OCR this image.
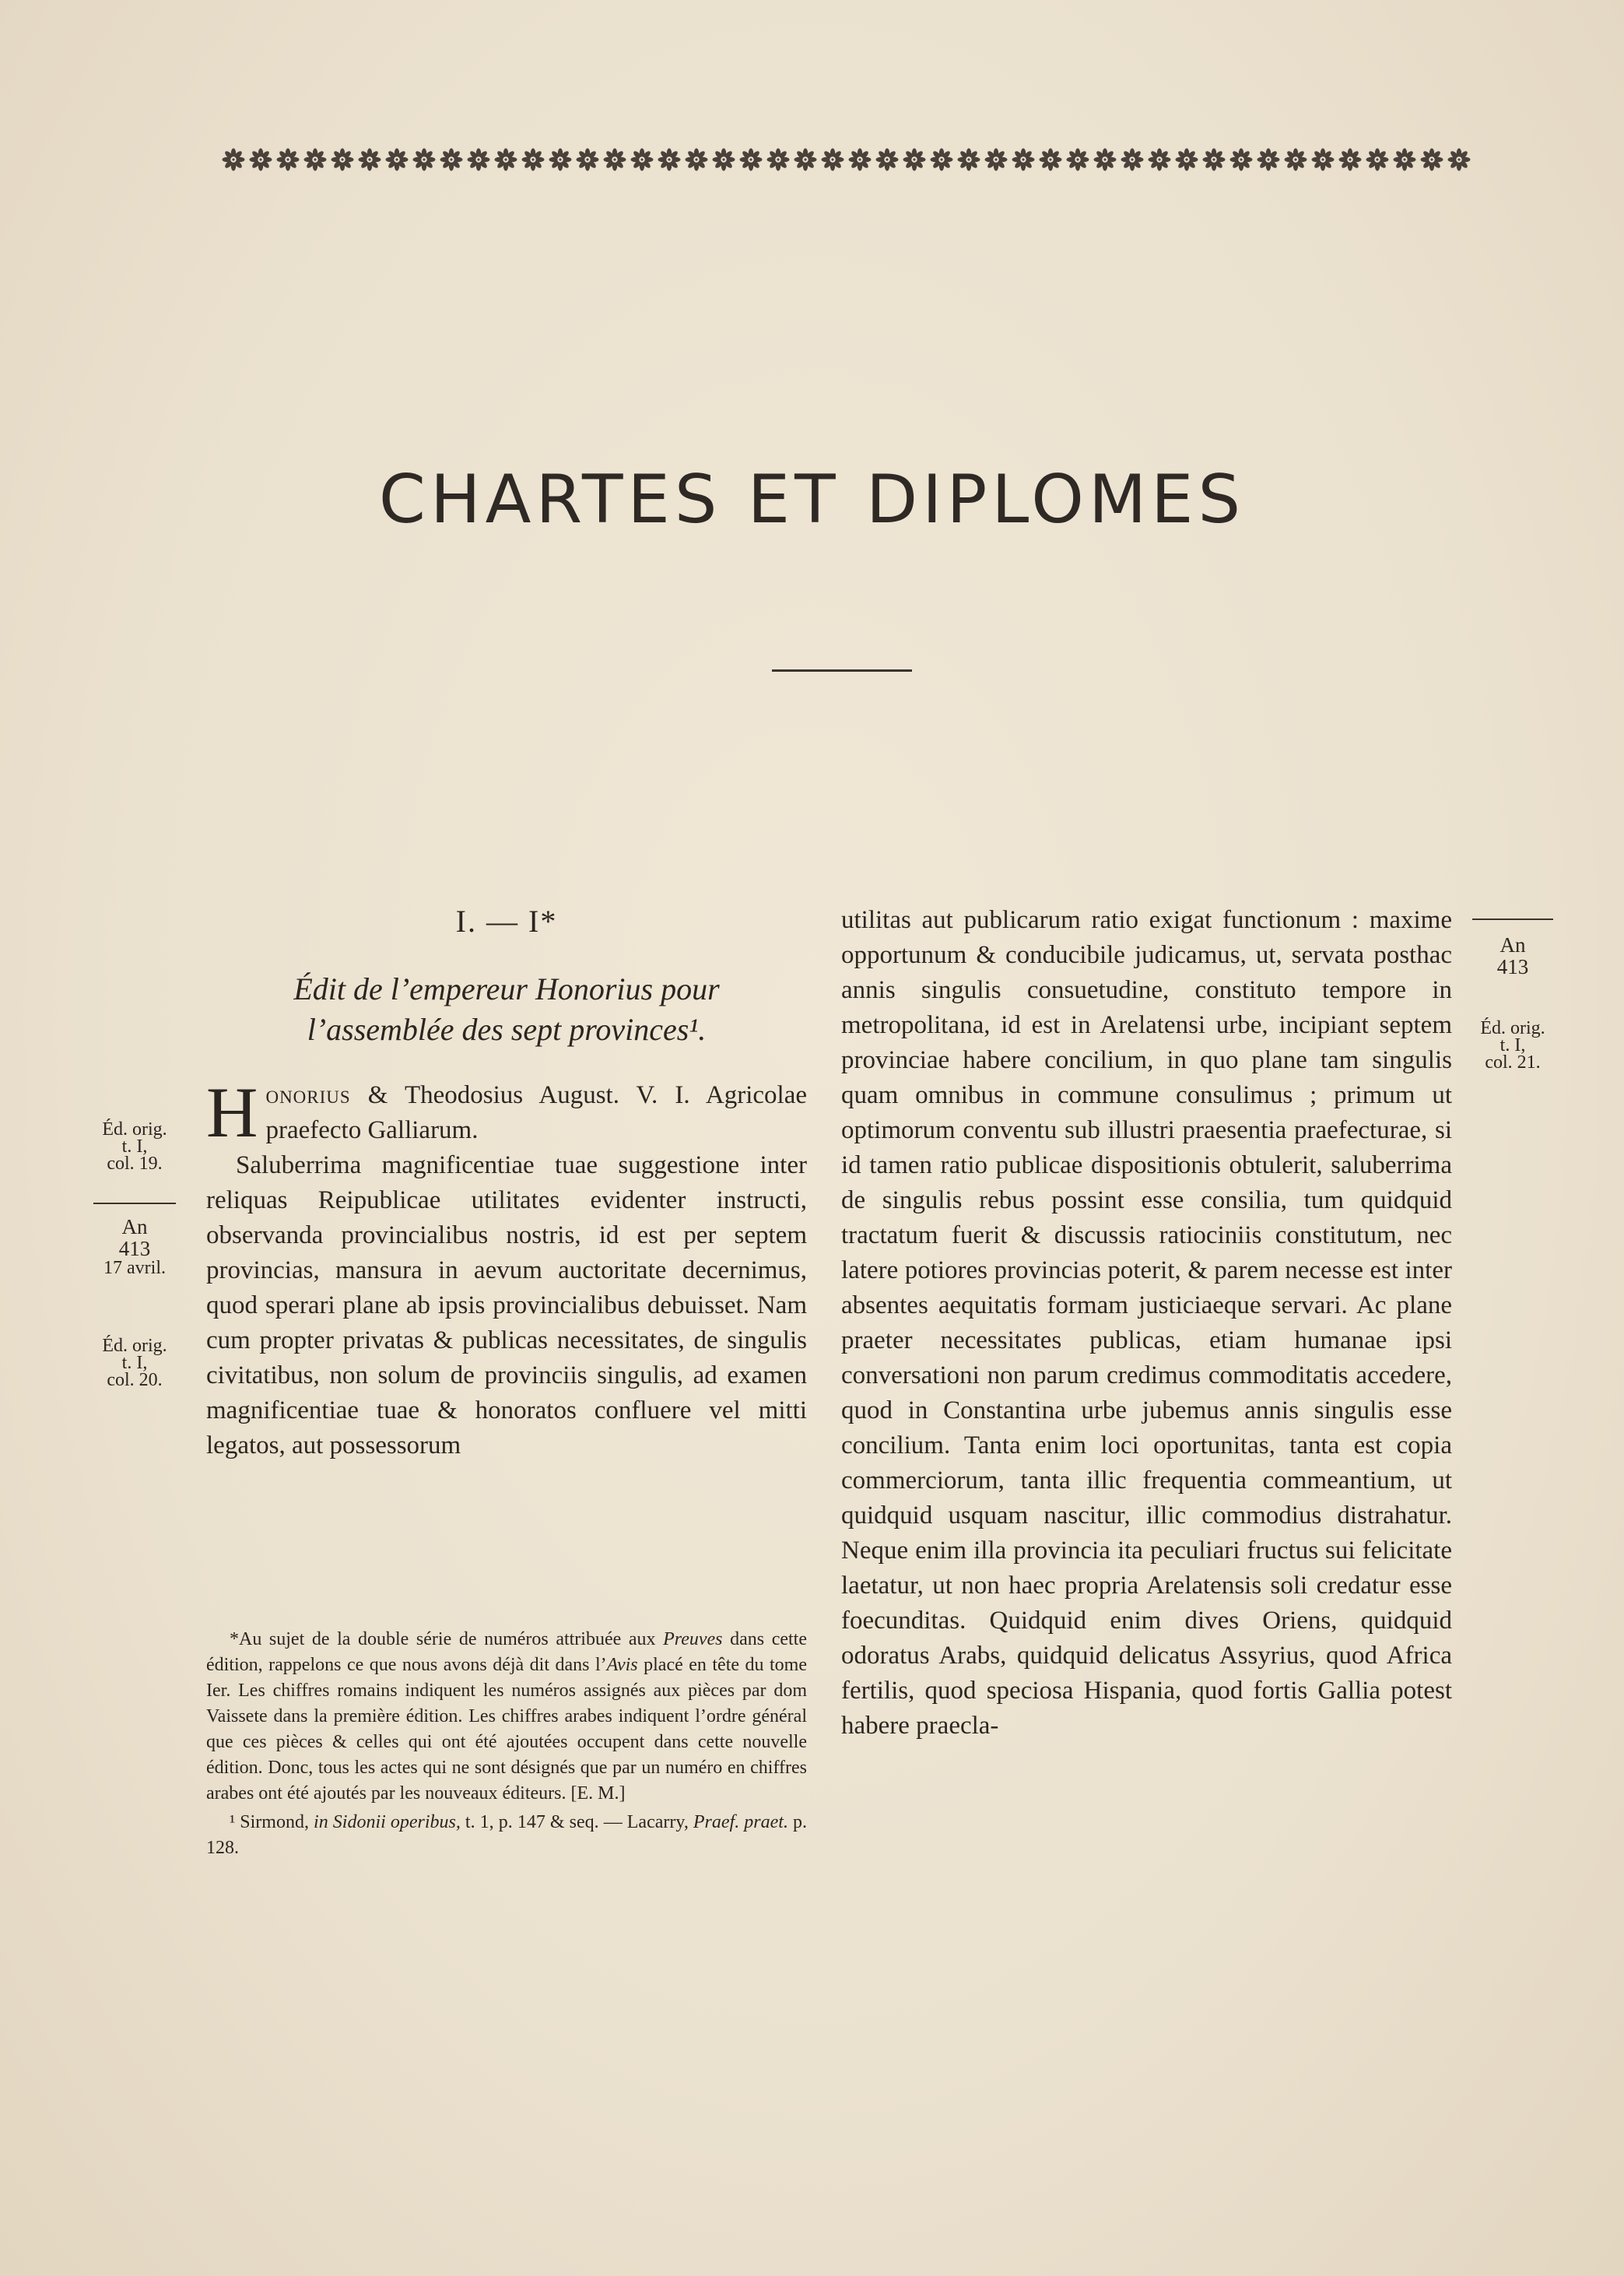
CHARTES ET DIPLOMES
I. — I*
Édit de l’empereur Honorius pour l’assemblée des sept provinces¹.

Honorius & Theodosius August. V. I. Agricolae praefecto Galliarum.

Saluberrima magnificentiae tuae suggestione inter reliquas Reipublicae utilitates evidenter instructi, observanda provincialibus nostris, id est per septem provincias, mansura in aevum auctoritate decernimus, quod sperari plane ab ipsis provincialibus debuisset. Nam cum propter privatas & publicas necessitates, de singulis civitatibus, non solum de provinciis singulis, ad examen magnificentiae tuae & honoratos confluere vel mitti legatos, aut possessorum

*Au sujet de la double série de numéros attribuée aux Preuves dans cette édition, rappelons ce que nous avons déjà dit dans l’Avis placé en tête du tome Ier. Les chiffres romains indiquent les numéros assignés aux pièces par dom Vaissete dans la première édition. Les chiffres arabes indiquent l’ordre général que ces pièces & celles qui ont été ajoutées occupent dans cette nouvelle édition. Donc, tous les actes qui ne sont désignés que par un numéro en chiffres arabes ont été ajoutés par les nouveaux éditeurs. [E. M.]

¹ Sirmond, in Sidonii operibus, t. 1, p. 147 & seq. — Lacarry, Praef. praet. p. 128.

utilitas aut publicarum ratio exigat functionum : maxime opportunum & conducibile judicamus, ut, servata posthac annis singulis consuetudine, constituto tempore in metropolitana, id est in Arelatensi urbe, incipiant septem provinciae habere concilium, in quo plane tam singulis quam omnibus in commune consulimus ; primum ut optimorum conventu sub illustri praesentia praefecturae, si id tamen ratio publicae dispositionis obtulerit, saluberrima de singulis rebus possint esse consilia, tum quidquid tractatum fuerit & discussis ratiociniis constitutum, nec latere potiores provincias poterit, & parem necesse est inter absentes aequitatis formam justiciaeque servari. Ac plane praeter necessitates publicas, etiam humanae ipsi conversationi non parum credimus commoditatis accedere, quod in Constantina urbe jubemus annis singulis esse concilium. Tanta enim loci oportunitas, tanta est copia commerciorum, tanta illic frequentia commeantium, ut quidquid usquam nascitur, illic commodius distrahatur. Neque enim illa provincia ita peculiari fructus sui felicitate laetatur, ut non haec propria Arelatensis soli credatur esse foecunditas. Quidquid enim dives Oriens, quidquid odoratus Arabs, quidquid delicatus Assyrius, quod Africa fertilis, quod speciosa Hispania, quod fortis Gallia potest habere praecla-

Éd. orig.
t. I,
col. 19.
An
413
17 avril.
Éd. orig.
t. I,
col. 20.
An
413
Éd. orig.
t. I,
col. 21.
